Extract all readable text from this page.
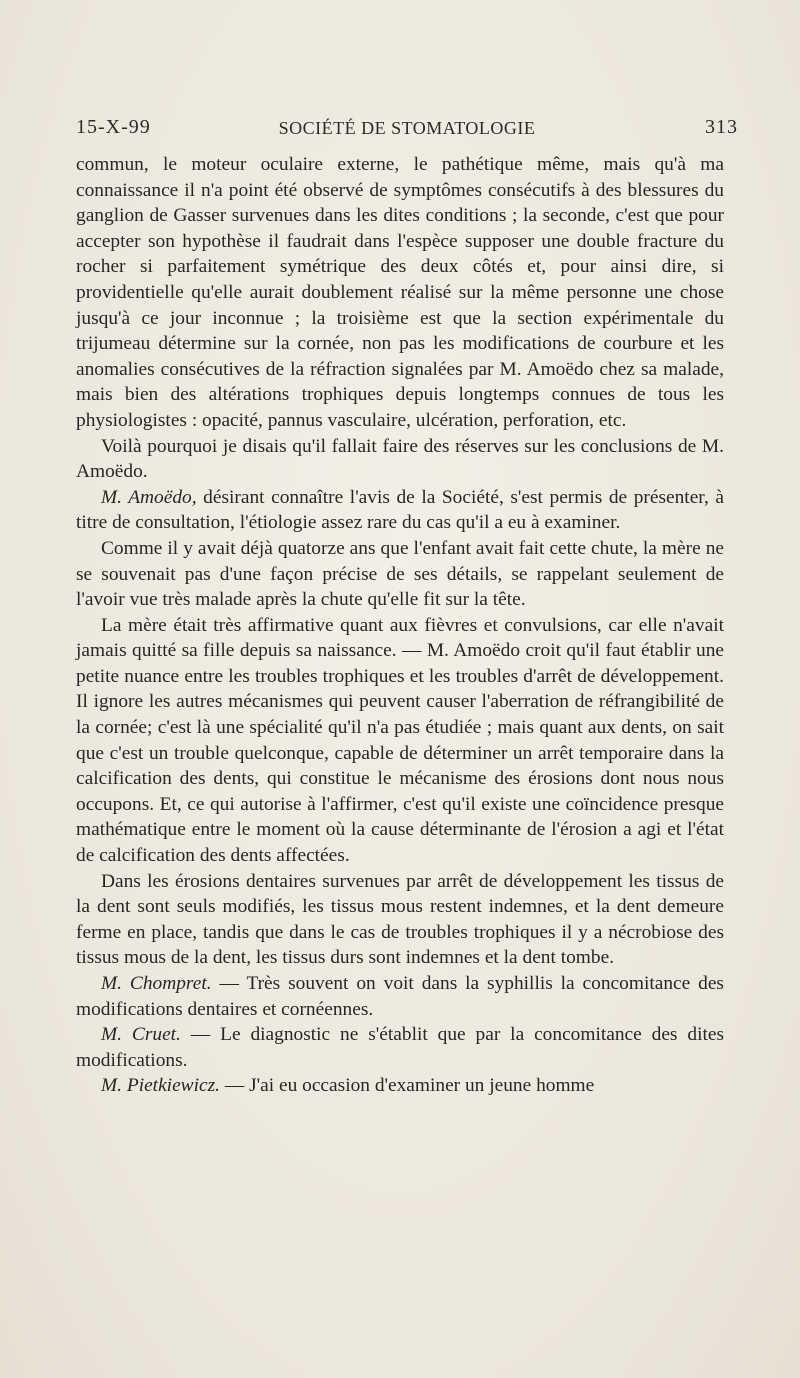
15-X-99	SOCIÉTÉ DE STOMATOLOGIE	313

commun, le moteur oculaire externe, le pathétique même, mais qu'à ma connaissance il n'a point été observé de symptômes consécutifs à des blessures du ganglion de Gasser survenues dans les dites conditions ; la seconde, c'est que pour accepter son hypothèse il faudrait dans l'espèce supposer une double fracture du rocher si parfaitement symétrique des deux côtés et, pour ainsi dire, si providentielle qu'elle aurait doublement réalisé sur la même personne une chose jusqu'à ce jour inconnue ; la troisième est que la section expérimentale du trijumeau détermine sur la cornée, non pas les modifications de courbure et les anomalies consécutives de la réfraction signalées par M. Amoëdo chez sa malade, mais bien des altérations trophiques depuis longtemps connues de tous les physiologistes : opacité, pannus vasculaire, ulcération, perforation, etc.

Voilà pourquoi je disais qu'il fallait faire des réserves sur les conclusions de M. Amoëdo.

M. Amoëdo, désirant connaître l'avis de la Société, s'est permis de présenter, à titre de consultation, l'étiologie assez rare du cas qu'il a eu à examiner.

Comme il y avait déjà quatorze ans que l'enfant avait fait cette chute, la mère ne se souvenait pas d'une façon précise de ses détails, se rappelant seulement de l'avoir vue très malade après la chute qu'elle fit sur la tête.

La mère était très affirmative quant aux fièvres et convulsions, car elle n'avait jamais quitté sa fille depuis sa naissance. — M. Amoëdo croit qu'il faut établir une petite nuance entre les troubles trophiques et les troubles d'arrêt de développement. Il ignore les autres mécanismes qui peuvent causer l'aberration de réfrangibilité de la cornée; c'est là une spécialité qu'il n'a pas étudiée ; mais quant aux dents, on sait que c'est un trouble quelconque, capable de déterminer un arrêt temporaire dans la calcification des dents, qui constitue le mécanisme des érosions dont nous nous occupons. Et, ce qui autorise à l'affirmer, c'est qu'il existe une coïncidence presque mathématique entre le moment où la cause déterminante de l'érosion a agi et l'état de calcification des dents affectées.

Dans les érosions dentaires survenues par arrêt de développement les tissus de la dent sont seuls modifiés, les tissus mous restent indemnes, et la dent demeure ferme en place, tandis que dans le cas de troubles trophiques il y a nécrobiose des tissus mous de la dent, les tissus durs sont indemnes et la dent tombe.

M. Chompret. — Très souvent on voit dans la syphillis la concomitance des modifications dentaires et cornéennes.

M. Cruet. — Le diagnostic ne s'établit que par la concomitance des dites modifications.

M. Pietkiewicz. — J'ai eu occasion d'examiner un jeune homme
